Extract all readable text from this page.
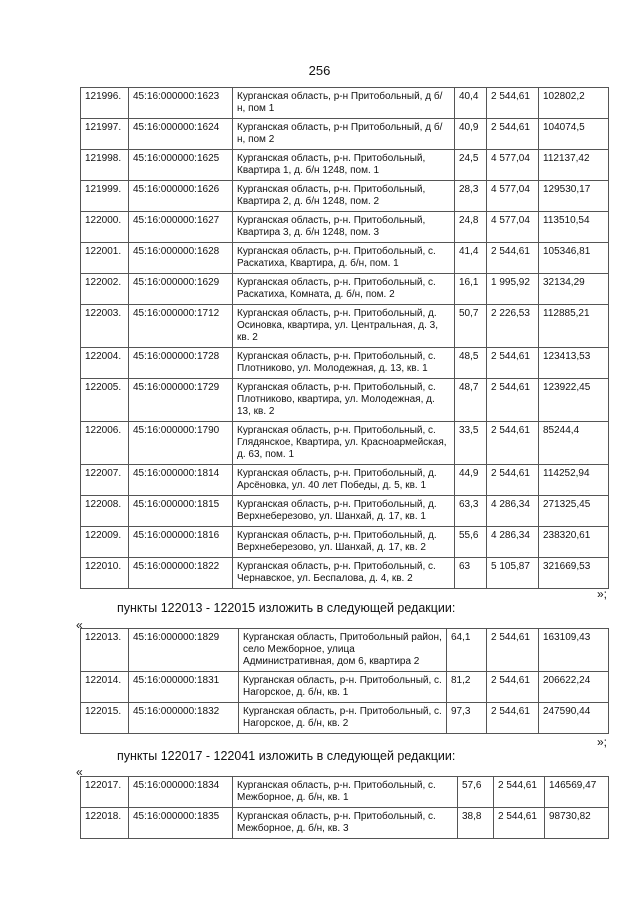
256
121996.	45:16:000000:1623	Курганская область, р-н Притобольный, д б/н, пом 1	40,4	2 544,61	102802,2
121997.	45:16:000000:1624	Курганская область, р-н Притобольный, д б/н, пом 2	40,9	2 544,61	104074,5
121998.	45:16:000000:1625	Курганская область, р-н. Притобольный, Квартира 1, д. б/н 1248, пом. 1	24,5	4 577,04	112137,42
121999.	45:16:000000:1626	Курганская область, р-н. Притобольный, Квартира 2, д. б/н 1248, пом. 2	28,3	4 577,04	129530,17
122000.	45:16:000000:1627	Курганская область, р-н. Притобольный, Квартира 3, д. б/н 1248, пом. 3	24,8	4 577,04	113510,54
122001.	45:16:000000:1628	Курганская область, р-н. Притобольный, с. Раскатиха, Квартира, д. б/н, пом. 1	41,4	2 544,61	105346,81
122002.	45:16:000000:1629	Курганская область, р-н. Притобольный, с. Раскатиха, Комната, д. б/н, пом. 2	16,1	1 995,92	32134,29
122003.	45:16:000000:1712	Курганская область, р-н. Притобольный, д. Осиновка, квартира, ул. Центральная, д. 3, кв. 2	50,7	2 226,53	112885,21
122004.	45:16:000000:1728	Курганская область, р-н. Притобольный, с. Плотниково, ул. Молодежная, д. 13, кв. 1	48,5	2 544,61	123413,53
122005.	45:16:000000:1729	Курганская область, р-н. Притобольный, с. Плотниково, квартира, ул. Молодежная, д. 13, кв. 2	48,7	2 544,61	123922,45
122006.	45:16:000000:1790	Курганская область, р-н. Притобольный, с. Глядянское, Квартира, ул. Красноармейская, д. 63, пом. 1	33,5	2 544,61	85244,4
122007.	45:16:000000:1814	Курганская область, р-н. Притобольный, д. Арсёновка, ул. 40 лет Победы, д. 5, кв. 1	44,9	2 544,61	114252,94
122008.	45:16:000000:1815	Курганская область, р-н. Притобольный, д. Верхнеберезово, ул. Шанхай, д. 17, кв. 1	63,3	4 286,34	271325,45
122009.	45:16:000000:1816	Курганская область, р-н. Притобольный, д. Верхнеберезово, ул. Шанхай, д. 17, кв. 2	55,6	4 286,34	238320,61
122010.	45:16:000000:1822	Курганская область, р-н. Притобольный, с. Чернавское, ул. Беспалова, д. 4, кв. 2	63	5 105,87	321669,53
»;
пункты 122013 - 122015 изложить в следующей редакции:
«
122013.	45:16:000000:1829	Курганская область, Притобольный район, село Межборное, улица Административная, дом 6, квартира 2	64,1	2 544,61	163109,43
122014.	45:16:000000:1831	Курганская область, р-н. Притобольный, с. Нагорское, д. б/н, кв. 1	81,2	2 544,61	206622,24
122015.	45:16:000000:1832	Курганская область, р-н. Притобольный, с. Нагорское, д. б/н, кв. 2	97,3	2 544,61	247590,44
»;
пункты 122017 - 122041 изложить в следующей редакции:
«
122017.	45:16:000000:1834	Курганская область, р-н. Притобольный, с. Межборное, д. б/н, кв. 1	57,6	2 544,61	146569,47
122018.	45:16:000000:1835	Курганская область, р-н. Притобольный, с. Межборное, д. б/н, кв. 3	38,8	2 544,61	98730,82
